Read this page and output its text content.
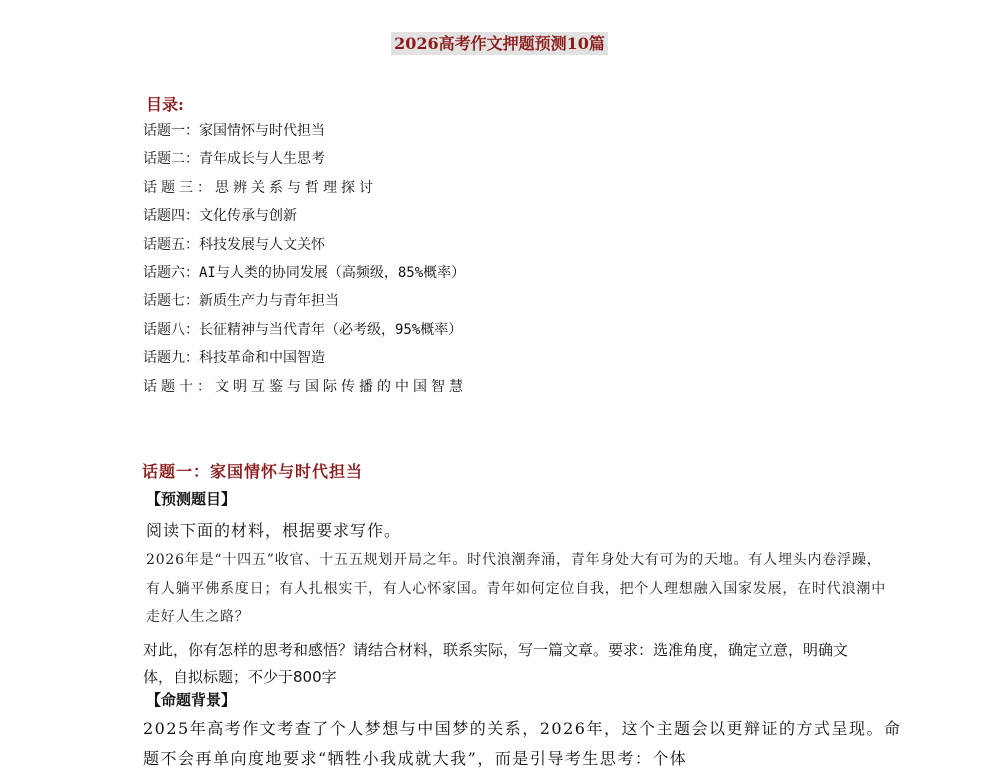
2026高考作文押题预测10篇
目录:
话题一：家国情怀与时代担当
话题二：青年成长与人生思考
话题三：思辨关系与哲理探讨
话题四：文化传承与创新
话题五：科技发展与人文关怀
话题六：AI与人类的协同发展（高频级，85%概率）
话题七：新质生产力与青年担当
话题八：长征精神与当代青年（必考级，95%概率）
话题九：科技革命和中国智造
话题十：文明互鉴与国际传播的中国智慧
话题一：家国情怀与时代担当
【预测题目】
阅读下面的材料，根据要求写作。
2026年是“十四五”收官、十五五规划开局之年。时代浪潮奔涌，青年身处大有可为的天地。有人埋头内卷浮躁，有人躺平佛系度日；有人扎根实干，有人心怀家国。青年如何定位自我，把个人理想融入国家发展，在时代浪潮中走好人生之路？
对此，你有怎样的思考和感悟？请结合材料，联系实际，写一篇文章。要求：选准角度，确定立意，明确文体，自拟标题；不少于800字
【命题背景】
2025年高考作文考查了个人梦想与中国梦的关系，2026年，这个主题会以更辩证的方式呈现。命题不会再单向度地要求“牺牲小我成就大我”，而是引导考生思考：个体
